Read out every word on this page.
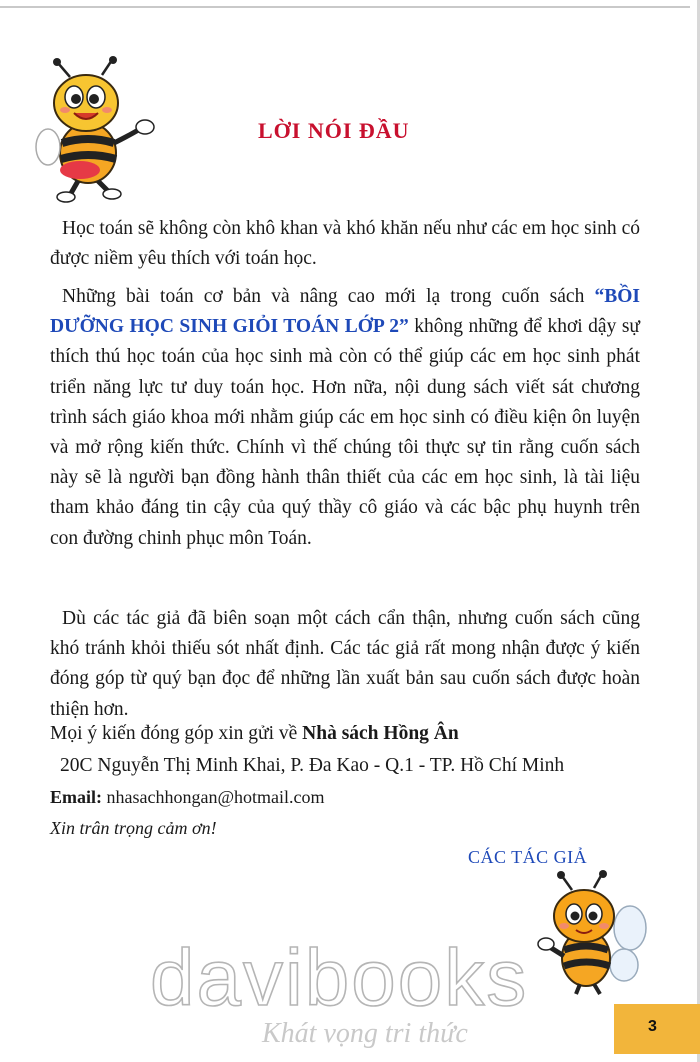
LỜI NÓI ĐẦU
Học toán sẽ không còn khô khan và khó khăn nếu như các em học sinh có được niềm yêu thích với toán học.
Những bài toán cơ bản và nâng cao mới lạ trong cuốn sách “BỒI DƯỠNG HỌC SINH GIỎI TOÁN LỚP 2” không những để khơi dậy sự thích thú học toán của học sinh mà còn có thể giúp các em học sinh phát triển năng lực tư duy toán học. Hơn nữa, nội dung sách viết sát chương trình sách giáo khoa mới nhằm giúp các em học sinh có điều kiện ôn luyện và mở rộng kiến thức. Chính vì thế chúng tôi thực sự tin rằng cuốn sách này sẽ là người bạn đồng hành thân thiết của các em học sinh, là tài liệu tham khảo đáng tin cậy của quý thầy cô giáo và các bậc phụ huynh trên con đường chinh phục môn Toán.
Dù các tác giả đã biên soạn một cách cẩn thận, nhưng cuốn sách cũng khó tránh khỏi thiếu sót nhất định. Các tác giả rất mong nhận được ý kiến đóng góp từ quý bạn đọc để những lần xuất bản sau cuốn sách được hoàn thiện hơn.
Mọi ý kiến đóng góp xin gửi về Nhà sách Hồng Ân
20C Nguyễn Thị Minh Khai, P. Đa Kao - Q.1 - TP. Hồ Chí Minh
Email: nhasachhongan@hotmail.com
Xin trân trọng cảm ơn!
CÁC TÁC GIẢ
davibooks
Khát vọng tri thức	3
